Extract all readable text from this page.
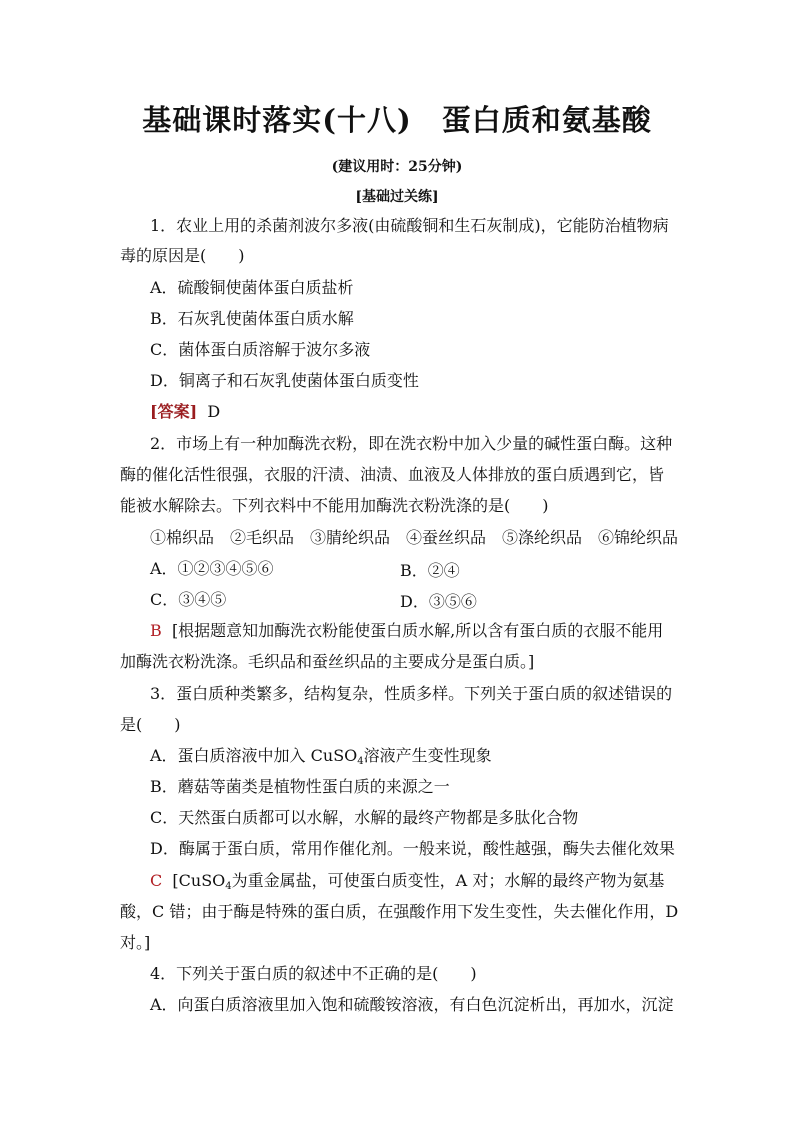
基础课时落实(十八) 蛋白质和氨基酸
(建议用时：25分钟)
[基础过关练]
1．农业上用的杀菌剂波尔多液(由硫酸铜和生石灰制成)，它能防治植物病
毒的原因是(　　)
A．硫酸铜使菌体蛋白质盐析
B．石灰乳使菌体蛋白质水解
C．菌体蛋白质溶解于波尔多液
D．铜离子和石灰乳使菌体蛋白质变性
[答案] D
2．市场上有一种加酶洗衣粉，即在洗衣粉中加入少量的碱性蛋白酶。这种
酶的催化活性很强，衣服的汗渍、油渍、血液及人体排放的蛋白质遇到它，皆
能被水解除去。下列衣料中不能用加酶洗衣粉洗涤的是(　　)
①棉织品　②毛织品　③腈纶织品　④蚕丝织品　⑤涤纶织品　⑥锦纶织品
A．①②③④⑤⑥	B．②④
C．③④⑤	D．③⑤⑥
B [根据题意知加酶洗衣粉能使蛋白质水解,所以含有蛋白质的衣服不能用
加酶洗衣粉洗涤。毛织品和蚕丝织品的主要成分是蛋白质。]
3．蛋白质种类繁多，结构复杂，性质多样。下列关于蛋白质的叙述错误的
是(　　)
A．蛋白质溶液中加入 CuSO$_4$溶液产生变性现象
B．蘑菇等菌类是植物性蛋白质的来源之一
C．天然蛋白质都可以水解，水解的最终产物都是多肽化合物
D．酶属于蛋白质，常用作催化剂。一般来说，酸性越强，酶失去催化效果
C [CuSO$_4$为重金属盐，可使蛋白质变性，A 对；水解的最终产物为氨基
酸，C 错；由于酶是特殊的蛋白质，在强酸作用下发生变性，失去催化作用，D
对。]
4．下列关于蛋白质的叙述中不正确的是(　　)
A．向蛋白质溶液里加入饱和硫酸铵溶液，有白色沉淀析出，再加水，沉淀
